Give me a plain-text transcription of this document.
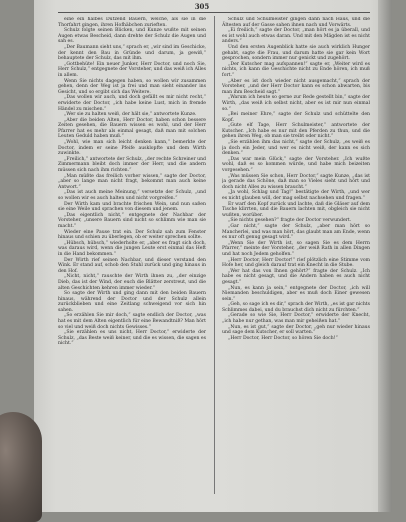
305

eine ein halbes Dutzend Bauern, welche, als sie in die Thorfahrt gingen, ihren Hofhäbchen zurieften.

Schulz folgte seinen Blicken, und Kunze wußte mit seinen Augen etwas Bescheid, dann drehte der Schulz die Augen und sah es.

„Der Baumann sieht uns,“ sprach er, „wir sind im Geschicke, der kennt den Bau in Gründe und darum, ja gewiß,“ behauptete der Schulz, das mit ihm.

„Gottbehüte! Ein neuer Junker, Herr Doctor, und noch Sie, Herr Schulz,“ entgegnete der Vorsteher, und das weiß ich Alles in allem.

Wenn Sie nichts dagegen haben, so wollen wir zusammen gehen, denn der Weg ist ja frei und man sieht einander ins Gesicht, und so ergibt sich das Weitere.

„Das wollen wir auch, und doch gefällt es mir nicht recht,“ erwiderte der Doctor, „ich habe keine Lust, mich in fremde Händel zu mischen.“

„Wer sie zu halten weiß, der hält sie,“ antwortete Kunze.

„Aber die beiden Alten, Herr Doctor, haben schon bessere Zeiten gesehen, die Bauern wissen es wohl, und der Herr Pfarrer hat es mehr als einmal gesagt, daß man mit solchen Leuten Geduld haben muß.“

„Wohl, wie man sich leicht denken kann,“ bemerkte der Doctor, indem er seine Pfeife ausklopfte und dem Wirth zuwinkte.

„Freilich,“ antwortete der Schulz, „der rechte Schreiner und Zimmermann bleibt doch immer der Herr, und die andern müssen sich nach ihm richten.“

„Man müßte das freilich vorher wissen,“ sagte der Doctor, „aber so lange man nicht fragt, bekommt man auch keine Antwort.“

„Das ist auch meine Meinung,“ versetzte der Schulz, „und so wollen wir es auch halten und nicht vorgreifen.“

Der Wirth kam und brachte frischen Wein, und nun saßen sie eine Weile und sprachen von diesem und jenem.

„Das eigentlich nicht,“ entgegnete der Nachbar der Vorsteher, „unsere Bauern sind nicht so schlimm wie man sie macht.“

Wieder eine Pause trat ein. Der Schulz sah zum Fenster hinaus und schien zu überlegen, ob er weiter sprechen sollte.

„Hübsch, hübsch,“ wiederholte er, „aber es fragt sich doch, was daraus wird, wenn die jungen Leute erst einmal das Heft in die Hand bekommen.“

Der Wirth rief seinen Nachbar, und dieser verstand den Wink. Er stand auf, schob den Stuhl zurück und ging hinaus in den Hof.

„Nicht, nicht,“ rauschte der Wirth ihnen zu, „der einzige Dieb, das ist der Wind, der euch die Blätter zerstreut, und die alten Geschichten kehren immer wieder.“

So sagte der Wirth und ging dann mit den beiden Bauern hinaus, während der Doctor und der Schulz allein zurückblieben und eine Zeitlang schweigend vor sich hin sahen.

„So erzählen Sie mir doch,“ sagte endlich der Doctor, „was hat es mit dem Alten eigentlich für eine Bewandtniß? Man hört so viel und weiß doch nichts Gewisses.“

„Sie erzählen es uns nicht, Herr Doctor,“ erwiderte der Schulz, „das Beste weiß keiner, und die es wissen, die sagen es nicht.“

Schulz und Schulmeister gingen dann nach Haus, und die Ältesten auf der Gasse sahen ihnen nach und Vorwärts.

„Ei freilich,“ sagte der Doctor, „man hört es ja überall, und es ist wohl auch etwas daran. Und mit den Mägden ist es nicht anders.“

Und den ersten Augenblick hatte sie auch wirklich Hunger gehabt, sagte die Frau, und darum hatte sie gar kein Wort gesprochen, sondern immer nur genickt und zugehört.

„Der Kutscher mag aufspannen!“ sagte er, „Weiter wird es nichts, ich kann die Geschichte nicht zu Ende hören, ich muß fort.“

„Aber es ist doch wieder nicht ausgemacht,“ sprach der Vorsteher, „und der Herr Doctor kann es schon abwarten, bis man ihm Bescheid sagt.“

„Warum ich heute so gerne zur Rede gestellt bin,“ sagte der Wirth, „das weiß ich selbst nicht, aber es ist mir nun einmal so.“

„Bei meiner Ehre,“ sagte der Schulz und schüttelte den Kopf.

„Gute elf Tage, Herr Schulmeister,“ antwortete der Kutscher. „Ich habe es nur mit den Pferden zu thun, und die gehen ihren Weg, ob man sie treibt oder nicht.“

„Sie erzählen ihm das nicht,“ sagte der Schulz, „es weiß es ja doch ein Jeder, und wer es nicht weiß, der kann es sich denken.“

„Das war mein Glück,“ sagte der Vorsteher. „Ich wußte wohl, daß es so kommen würde, und habe mich beizeiten vorgesehen.“

„Was müssen Sie schon, Herr Doctor,“ sagte Kunze, „das ist ja gerade das Schöne, daß man so Vieles sieht und hört und doch nicht Alles zu wissen braucht.“

„Ja wohl, Schlag und Tag!“ bestätigte der Wirth, „und wer es nicht glauben will, der mag selbst nachsehen und fragen.“

Er warf den Kopf zurück und lachte, daß die Gläser auf dem Tische klirrten, und die Bauern lachten mit, obgleich sie nicht wußten, worüber.

„Sie nichts gesehen?“ fragte der Doctor verwundert.

„Gar nicht,“ sagte der Schulz, „aber man hört so Mancherlei, und was man hört, das glaubt man am Ende, wenn es nur oft genug gesagt wird.“

„Wenn Sie der Wirth ist, so sagen Sie es dem Herrn Pfarrer,“ meinte der Vorsteher, „der weiß Rath in allen Dingen und hat noch Jedem geholfen.“

„Herr Doctor, Herr Doctor!“ rief plötzlich eine Stimme vom Hofe her, und gleich darauf trat ein Knecht in die Stube.

„Wer hat das von Ihnen gehört?“ fragte der Schulz. „Ich habe es nicht gesagt, und die Andern haben es auch nicht gesagt.“

„Nun, es kann ja sein,“ entgegnete der Doctor, „ich will Niemanden beschuldigen, aber es muß doch Einer gewesen sein.“

„Geh, so sage ich es dir,“ sprach der Wirth, „es ist gar nichts Schlimmes dabei, und du brauchst dich nicht zu fürchten.“

„Gerade so wie Sie, Herr Doctor,“ erwiderte der Knecht, „ich habe nur gethan, was man mir geheißen hat.“

„Nun, es ist gut,“ sagte der Doctor, „geh nur wieder hinaus und sage dem Kutscher, er soll warten.“

„Herr Doctor, Herr Doctor, so hören Sie doch!“
